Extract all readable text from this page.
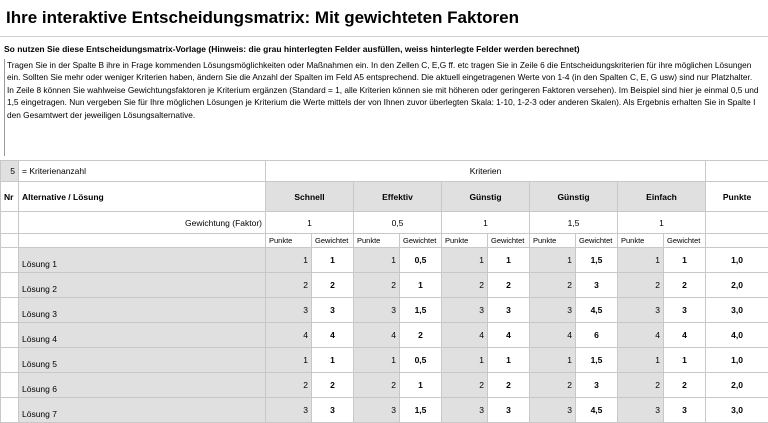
Ihre interaktive Entscheidungsmatrix: Mit gewichteten Faktoren
So nutzen Sie diese Entscheidungsmatrix-Vorlage (Hinweis: die grau hinterlegten Felder ausfüllen, weiss hinterlegte Felder werden berechnet)

Tragen Sie in der Spalte B ihre in Frage kommenden Lösungsmöglichkeiten oder Maßnahmen ein. In den Zellen C, E,G ff. etc tragen Sie in Zeile 6 die Entscheidungskriterien für ihre möglichen Lösungen ein. Sollten Sie mehr oder weniger Kriterien haben, ändern Sie die Anzahl der Spalten im Feld A5 entsprechend. Die aktuell eingetragenen Werte von 1-4 (in den Spalten C, E, G usw) sind nur Platzhalter.

In Zeile 8 können Sie wahlweise Gewichtungsfaktoren je Kriterium ergänzen (Standard = 1, alle Kriterien können sie mit höheren oder geringeren Faktoren versehen). Im Beispiel sind hier je einmal 0,5 und 1,5 eingetragen. Nun vergeben Sie für Ihre möglichen Lösungen je Kriterium die Werte mittels der von Ihnen zuvor überlegten Skala: 1-10, 1-2-3 oder anderen Skalen). Als Ergebnis erhalten Sie in Spalte I den Gesamtwert der jeweiligen Lösungsalternative.

5	= Kriterienanzahl	Kriterien										
Nr	Alternative / Lösung	Schnell		Effektiv		Günstig		Günstig		Einfach		Punkte
	Gewichtung (Faktor)	1		0,5		1		1,5		1		
		Punkte	Gewichtet	Punkte	Gewichtet	Punkte	Gewichtet	Punkte	Gewichtet	Punkte	Gewichtet	
	Lösung 1	1	1	1	0,5	1	1	1	1,5	1	1	1,0
	Lösung 2	2	2	2	1	2	2	2	3	2	2	2,0
	Lösung 3	3	3	3	1,5	3	3	3	4,5	3	3	3,0
	Lösung 4	4	4	4	2	4	4	4	6	4	4	4,0
	Lösung 5	1	1	1	0,5	1	1	1	1,5	1	1	1,0
	Lösung 6	2	2	2	1	2	2	2	3	2	2	2,0
	Lösung 7	3	3	3	1,5	3	3	3	4,5	3	3	3,0
